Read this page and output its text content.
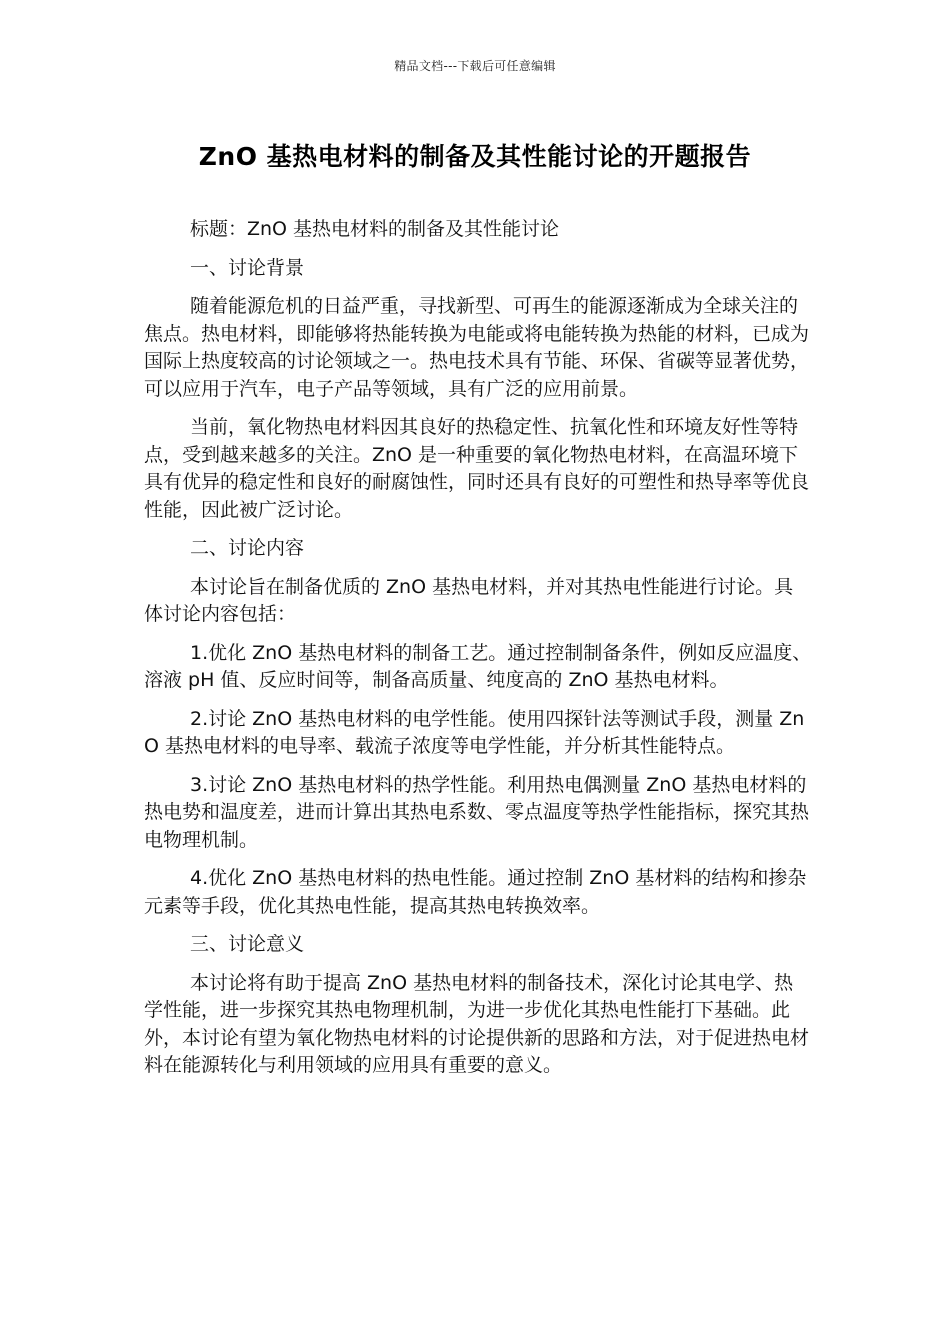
精品文档---下载后可任意编辑
ZnO 基热电材料的制备及其性能讨论的开题报告

标题：ZnO 基热电材料的制备及其性能讨论

一、讨论背景

随着能源危机的日益严重，寻找新型、可再生的能源逐渐成为全球关注的焦点。热电材料，即能够将热能转换为电能或将电能转换为热能的材料，已成为国际上热度较高的讨论领域之一。热电技术具有节能、环保、省碳等显著优势，可以应用于汽车，电子产品等领域，具有广泛的应用前景。

当前，氧化物热电材料因其良好的热稳定性、抗氧化性和环境友好性等特点，受到越来越多的关注。ZnO 是一种重要的氧化物热电材料，在高温环境下具有优异的稳定性和良好的耐腐蚀性，同时还具有良好的可塑性和热导率等优良性能，因此被广泛讨论。

二、讨论内容

本讨论旨在制备优质的 ZnO 基热电材料，并对其热电性能进行讨论。具体讨论内容包括：

1.优化 ZnO 基热电材料的制备工艺。通过控制制备条件，例如反应温度、溶液 pH 值、反应时间等，制备高质量、纯度高的 ZnO 基热电材料。

2.讨论 ZnO 基热电材料的电学性能。使用四探针法等测试手段，测量 ZnO 基热电材料的电导率、载流子浓度等电学性能，并分析其性能特点。

3.讨论 ZnO 基热电材料的热学性能。利用热电偶测量 ZnO 基热电材料的热电势和温度差，进而计算出其热电系数、零点温度等热学性能指标，探究其热电物理机制。

4.优化 ZnO 基热电材料的热电性能。通过控制 ZnO 基材料的结构和掺杂元素等手段，优化其热电性能，提高其热电转换效率。

三、讨论意义

本讨论将有助于提高 ZnO 基热电材料的制备技术，深化讨论其电学、热学性能，进一步探究其热电物理机制，为进一步优化其热电性能打下基础。此外，本讨论有望为氧化物热电材料的讨论提供新的思路和方法，对于促进热电材料在能源转化与利用领域的应用具有重要的意义。
